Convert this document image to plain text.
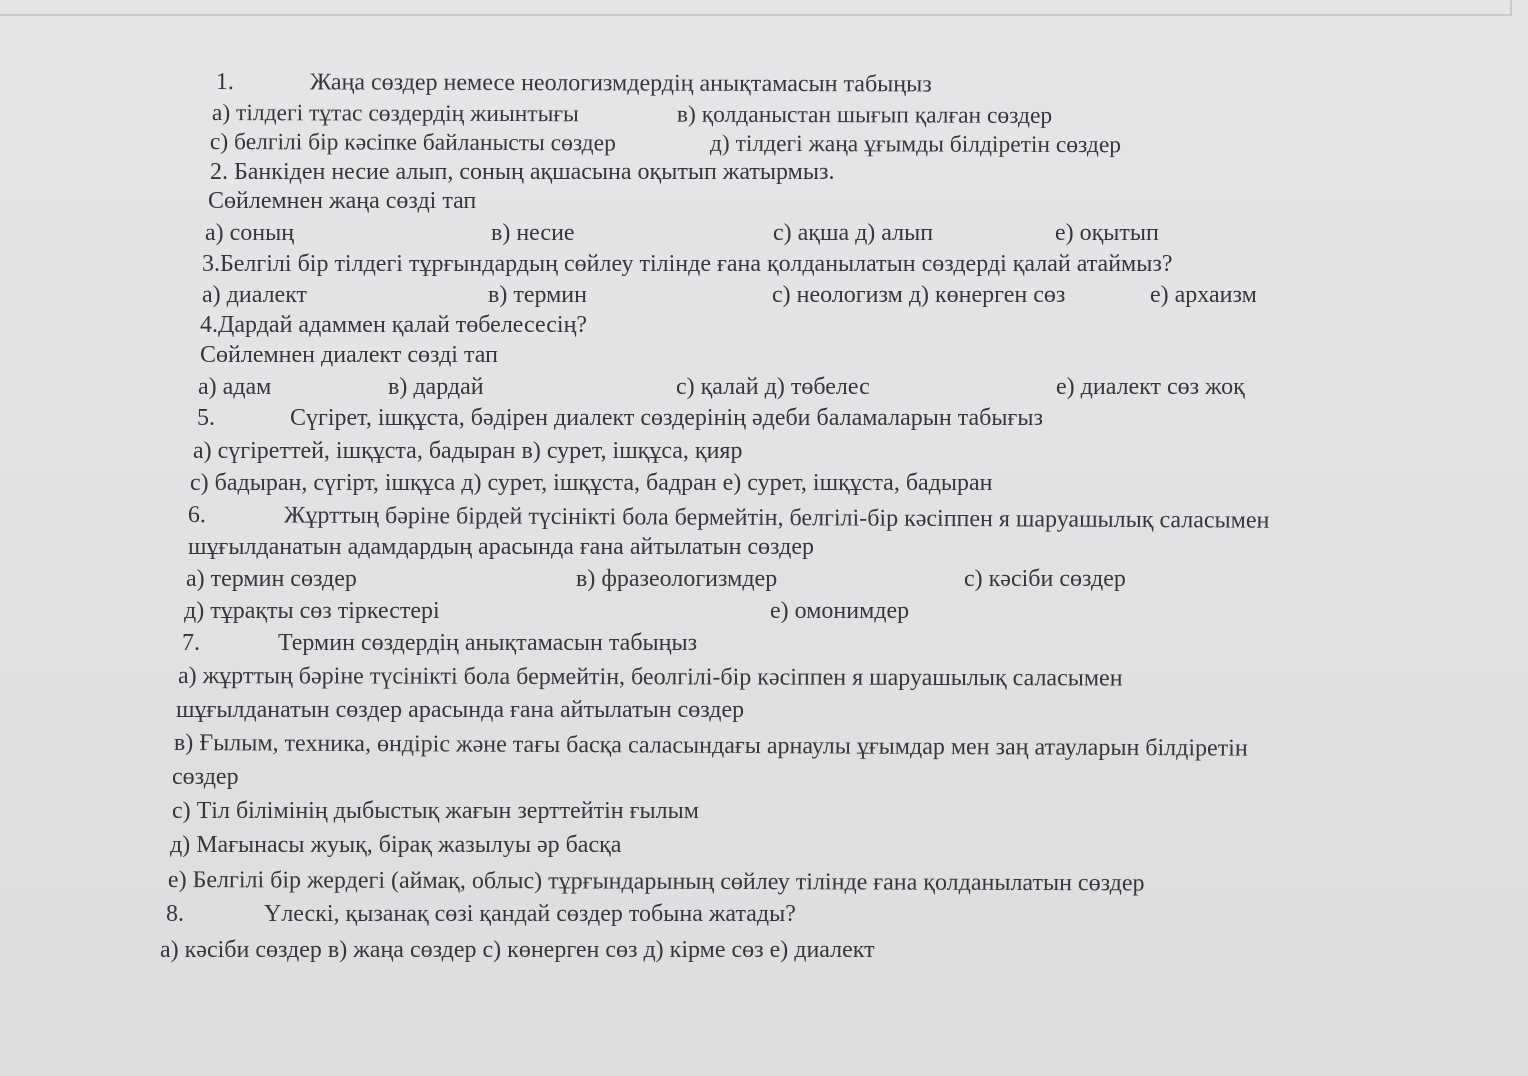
1.	Жаңа сөздер немесе неологизмдердің анықтамасын табыңыз
а) тілдегі тұтас сөздердің жиынтығы	в) қолданыстан шығып қалған сөздер
с) белгілі бір кәсіпке байланысты сөздер	д) тілдегі жаңа ұғымды білдіретін сөздер
2. Банкіден несие алып, соның ақшасына оқытып жатырмыз.
Сөйлемнен жаңа сөзді тап
а) соның	в) несие	с) ақша д) алып	е) оқытып
3.Белгілі бір тілдегі тұрғындардың сөйлеу тілінде ғана қолданылатын сөздерді қалай атаймыз?
а) диалект	в) термин	с) неологизм д) көнерген сөз	е) архаизм
4.Дардай адаммен қалай төбелесесің?
Сөйлемнен диалект сөзді тап
а) адам	в) дардай	с) қалай д) төбелес	е) диалект сөз жоқ
5.	Сүгірет, ішқұста, бәдірен диалект сөздерінің әдеби баламаларын табығыз
а) сүгіреттей, ішқұста, бадыран в) сурет, ішқұса, қияр
с) бадыран, сүгірт, ішқұса д) сурет, ішқұста, бадран е) сурет, ішқұста, бадыран
6.	Жұрттың бәріне бірдей түсінікті бола бермейтін, белгілі-бір кәсіппен я шаруашылық саласымен
шұғылданатын адамдардың арасында ғана айтылатын сөздер
а) термин сөздер	в) фразеологизмдер	с) кәсіби сөздер
д) тұрақты сөз тіркестері	е) омонимдер
7.	Термин сөздердің анықтамасын табыңыз
а) жұрттың бәріне түсінікті бола бермейтін, беолгілі-бір кәсіппен я шаруашылық саласымен
шұғылданатын сөздер арасында ғана айтылатын сөздер
в) Ғылым, техника, өндіріс және тағы басқа саласындағы арнаулы ұғымдар мен заң атауларын білдіретін
сөздер
с) Тіл білімінің дыбыстық жағын зерттейтін ғылым
д) Мағынасы жуық, бірақ жазылуы әр басқа
е) Белгілі бір жердегі (аймақ, облыс) тұрғындарының сөйлеу тілінде ғана қолданылатын сөздер
8.	Үлескі, қызанақ сөзі қандай сөздер тобына жатады?
а) кәсіби сөздер в) жаңа сөздер с) көнерген сөз д) кірме сөз е) диалект
